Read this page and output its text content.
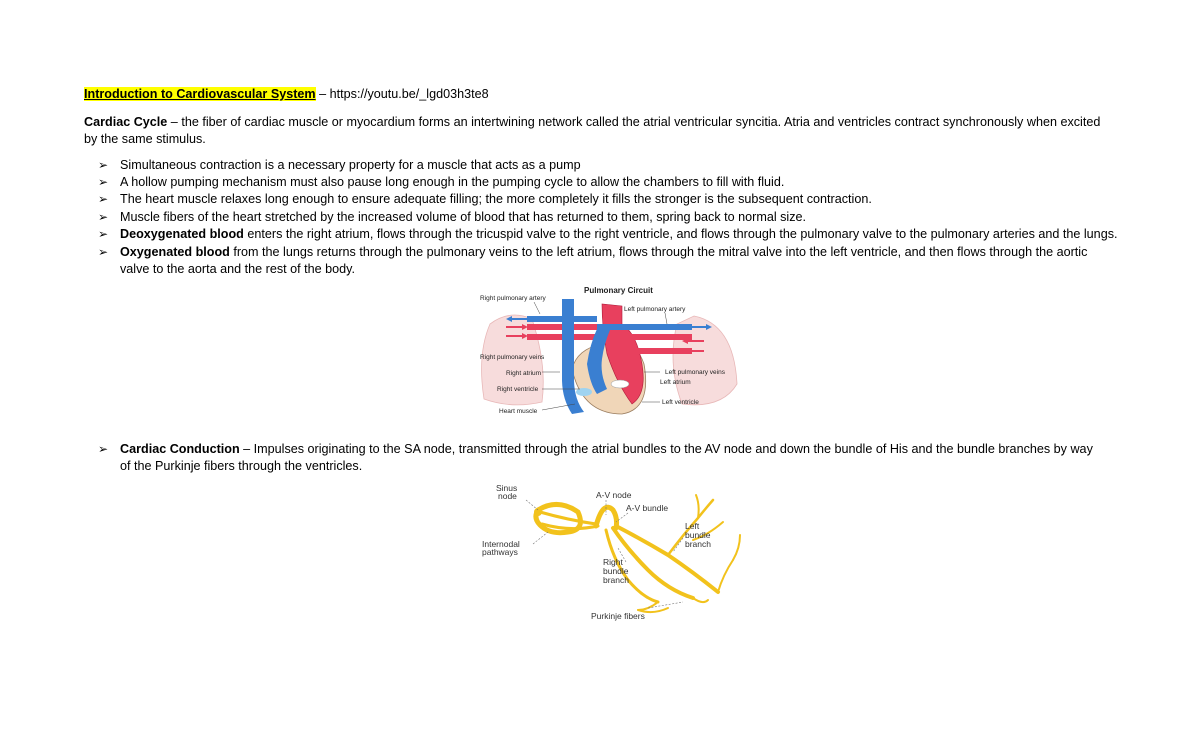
Introduction to Cardiovascular System – https://youtu.be/_lgd03h3te8
Cardiac Cycle – the fiber of cardiac muscle or myocardium forms an intertwining network called the atrial ventricular syncitia. Atria and ventricles contract synchronously when excited by the same stimulus.
➢ Simultaneous contraction is a necessary property for a muscle that acts as a pump
➢ A hollow pumping mechanism must also pause long enough in the pumping cycle to allow the chambers to fill with fluid.
➢ The heart muscle relaxes long enough to ensure adequate filling; the more completely it fills the stronger is the subsequent contraction.
➢ Muscle fibers of the heart stretched by the increased volume of blood that has returned to them, spring back to normal size.
➢ Deoxygenated blood enters the right atrium, flows through the tricuspid valve to the right ventricle, and flows through the pulmonary valve to the pulmonary arteries and the lungs.
➢ Oxygenated blood from the lungs returns through the pulmonary veins to the left atrium, flows through the mitral valve into the left ventricle, and then flows through the aortic valve to the aorta and the rest of the body.
Pulmonary Circuit
Right pulmonary artery
Left pulmonary artery
Right pulmonary veins
Right atrium
Right ventricle
Heart muscle
Left pulmonary veins
Left atrium
Left ventricle
➢ Cardiac Conduction – Impulses originating to the SA node, transmitted through the atrial bundles to the AV node and down the bundle of His and the bundle branches by way of the Purkinje fibers through the ventricles.
Sinus
node	A-V node
A-V bundle
Left
bundle
branch
Internodal
pathways
Right
bundle
branch
Purkinje fibers
